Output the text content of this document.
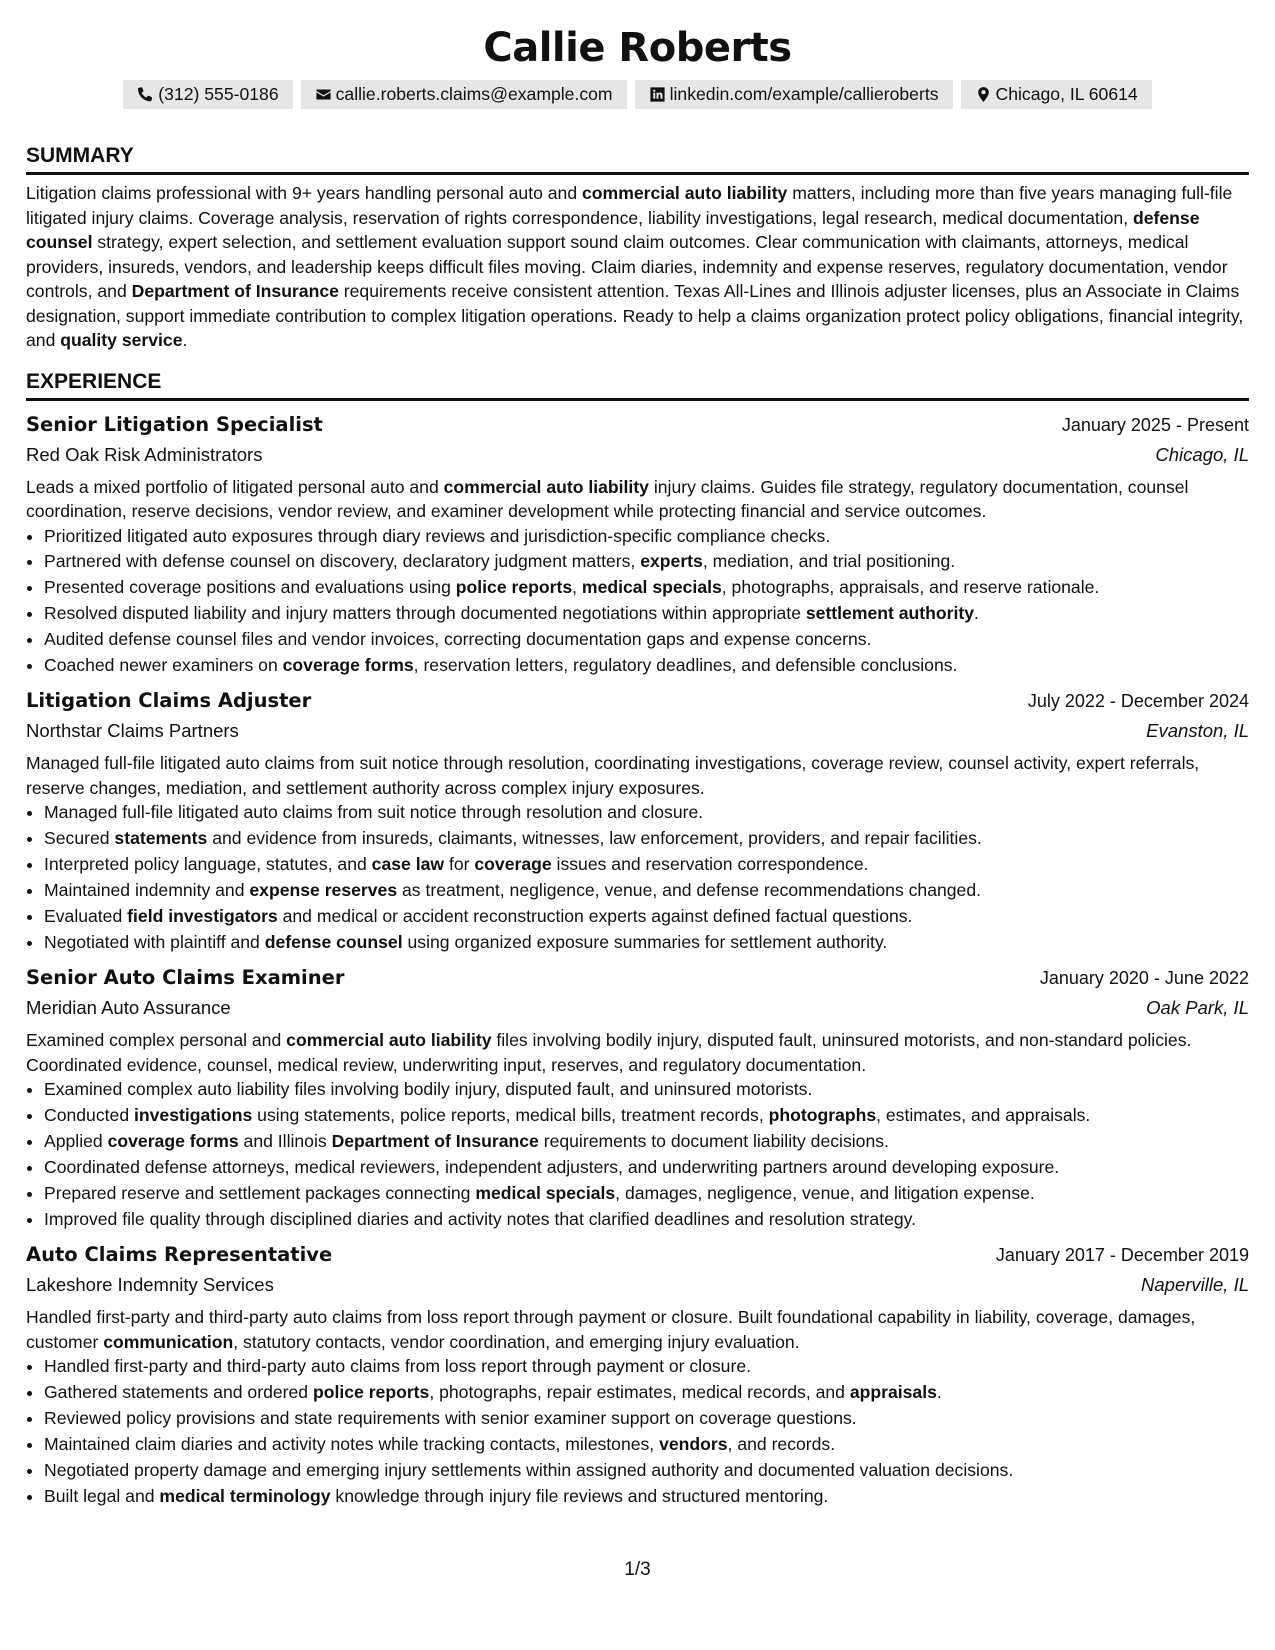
Callie Roberts
(312) 555-0186	callie.roberts.claims@example.com	linkedin.com/example/callieroberts	Chicago, IL 60614
SUMMARY

Litigation claims professional with 9+ years handling personal auto and commercial auto liability matters, including more than five years managing full-file litigated injury claims. Coverage analysis, reservation of rights correspondence, liability investigations, legal research, medical documentation, defense counsel strategy, expert selection, and settlement evaluation support sound claim outcomes. Clear communication with claimants, attorneys, medical providers, insureds, vendors, and leadership keeps difficult files moving. Claim diaries, indemnity and expense reserves, regulatory documentation, vendor controls, and Department of Insurance requirements receive consistent attention. Texas All-Lines and Illinois adjuster licenses, plus an Associate in Claims designation, support immediate contribution to complex litigation operations. Ready to help a claims organization protect policy obligations, financial integrity, and quality service.

EXPERIENCE
Senior Litigation Specialist	January 2025 - Present
Red Oak Risk Administrators	Chicago, IL

Leads a mixed portfolio of litigated personal auto and commercial auto liability injury claims. Guides file strategy, regulatory documentation, counsel coordination, reserve decisions, vendor review, and examiner development while protecting financial and service outcomes.

• Prioritized litigated auto exposures through diary reviews and jurisdiction-specific compliance checks.
• Partnered with defense counsel on discovery, declaratory judgment matters, experts, mediation, and trial positioning.
• Presented coverage positions and evaluations using police reports, medical specials, photographs, appraisals, and reserve rationale.
• Resolved disputed liability and injury matters through documented negotiations within appropriate settlement authority.
• Audited defense counsel files and vendor invoices, correcting documentation gaps and expense concerns.
• Coached newer examiners on coverage forms, reservation letters, regulatory deadlines, and defensible conclusions.
Litigation Claims Adjuster	July 2022 - December 2024
Northstar Claims Partners	Evanston, IL

Managed full-file litigated auto claims from suit notice through resolution, coordinating investigations, coverage review, counsel activity, expert referrals, reserve changes, mediation, and settlement authority across complex injury exposures.

• Managed full-file litigated auto claims from suit notice through resolution and closure.
• Secured statements and evidence from insureds, claimants, witnesses, law enforcement, providers, and repair facilities.
• Interpreted policy language, statutes, and case law for coverage issues and reservation correspondence.
• Maintained indemnity and expense reserves as treatment, negligence, venue, and defense recommendations changed.
• Evaluated field investigators and medical or accident reconstruction experts against defined factual questions.
• Negotiated with plaintiff and defense counsel using organized exposure summaries for settlement authority.
Senior Auto Claims Examiner	January 2020 - June 2022
Meridian Auto Assurance	Oak Park, IL

Examined complex personal and commercial auto liability files involving bodily injury, disputed fault, uninsured motorists, and non-standard policies. Coordinated evidence, counsel, medical review, underwriting input, reserves, and regulatory documentation.

• Examined complex auto liability files involving bodily injury, disputed fault, and uninsured motorists.
• Conducted investigations using statements, police reports, medical bills, treatment records, photographs, estimates, and appraisals.
• Applied coverage forms and Illinois Department of Insurance requirements to document liability decisions.
• Coordinated defense attorneys, medical reviewers, independent adjusters, and underwriting partners around developing exposure.
• Prepared reserve and settlement packages connecting medical specials, damages, negligence, venue, and litigation expense.
• Improved file quality through disciplined diaries and activity notes that clarified deadlines and resolution strategy.
Auto Claims Representative	January 2017 - December 2019
Lakeshore Indemnity Services	Naperville, IL

Handled first-party and third-party auto claims from loss report through payment or closure. Built foundational capability in liability, coverage, damages, customer communication, statutory contacts, vendor coordination, and emerging injury evaluation.

• Handled first-party and third-party auto claims from loss report through payment or closure.
• Gathered statements and ordered police reports, photographs, repair estimates, medical records, and appraisals.
• Reviewed policy provisions and state requirements with senior examiner support on coverage questions.
• Maintained claim diaries and activity notes while tracking contacts, milestones, vendors, and records.
• Negotiated property damage and emerging injury settlements within assigned authority and documented valuation decisions.
• Built legal and medical terminology knowledge through injury file reviews and structured mentoring.
1/3
